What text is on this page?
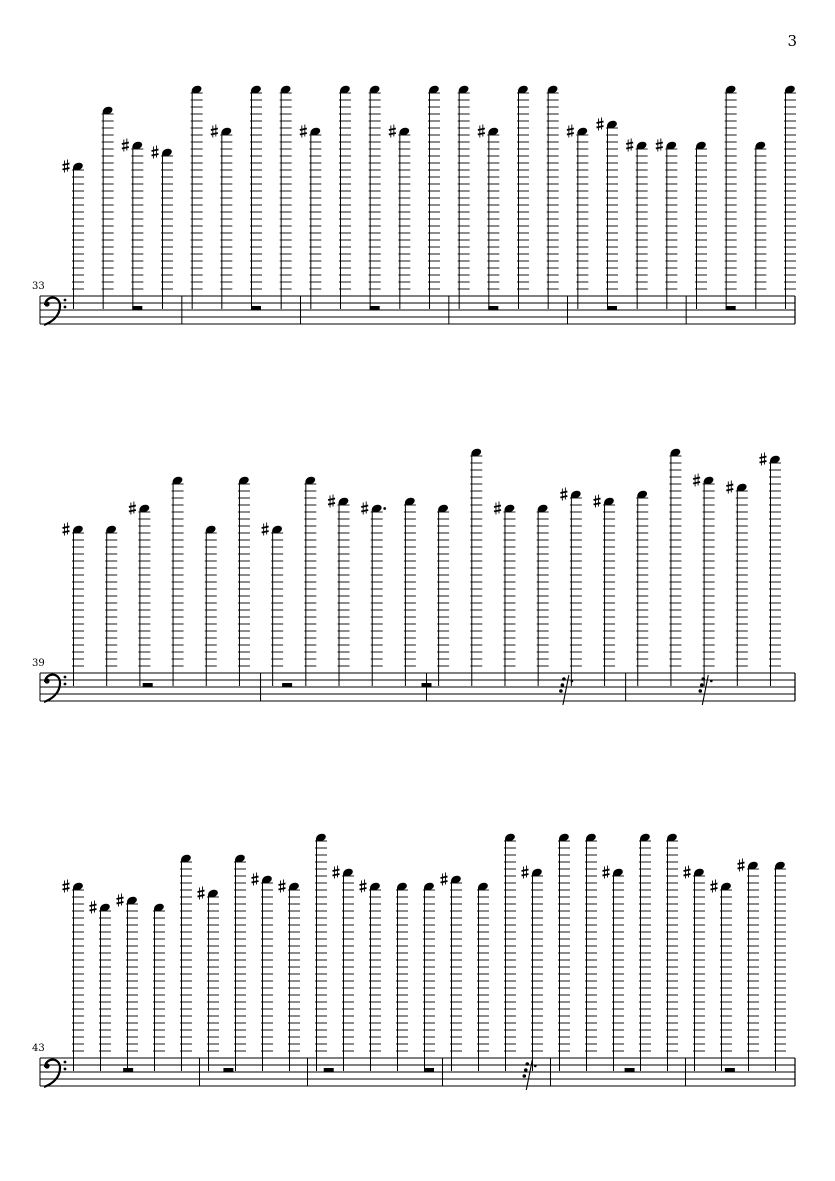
3
33
39
43
